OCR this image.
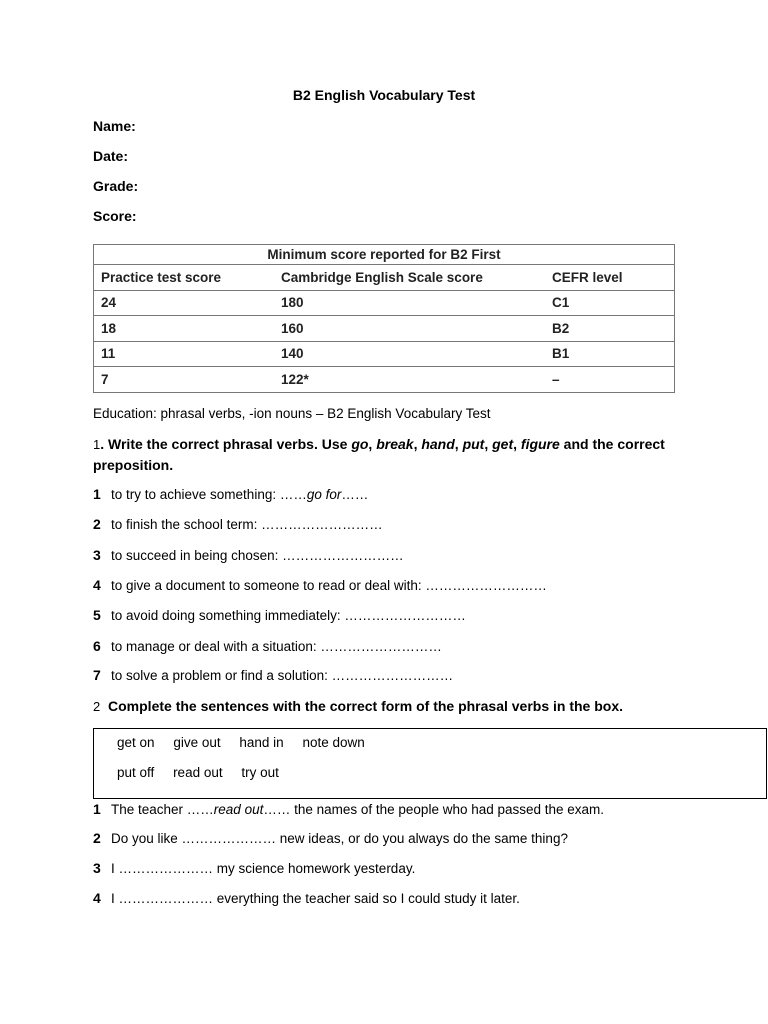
B2 English Vocabulary Test
Name:
Date:
Grade:
Score:
Minimum score reported for B2 First		
Practice test score	Cambridge English Scale score	CEFR level
24	180	C1
18	160	B2
11	140	B1
7	122*	–
Education: phrasal verbs, -ion nouns – B2 English Vocabulary Test
1. Write the correct phrasal verbs. Use go, break, hand, put, get, figure and the correct
preposition.
1 to try to achieve something: ……go for……
2 to finish the school term: ………………………
3 to succeed in being chosen: ………………………
4 to give a document to someone to read or deal with: ………………………
5 to avoid doing something immediately: ………………………
6 to manage or deal with a situation: ………………………
7 to solve a problem or find a solution: ………………………
2 Complete the sentences with the correct form of the phrasal verbs in the box.
get on give out hand in note down
put off read out try out
1 The teacher ……read out…… the names of the people who had passed the exam.
2 Do you like ………………… new ideas, or do you always do the same thing?
3 I ………………… my science homework yesterday.
4 I ………………… everything the teacher said so I could study it later.
